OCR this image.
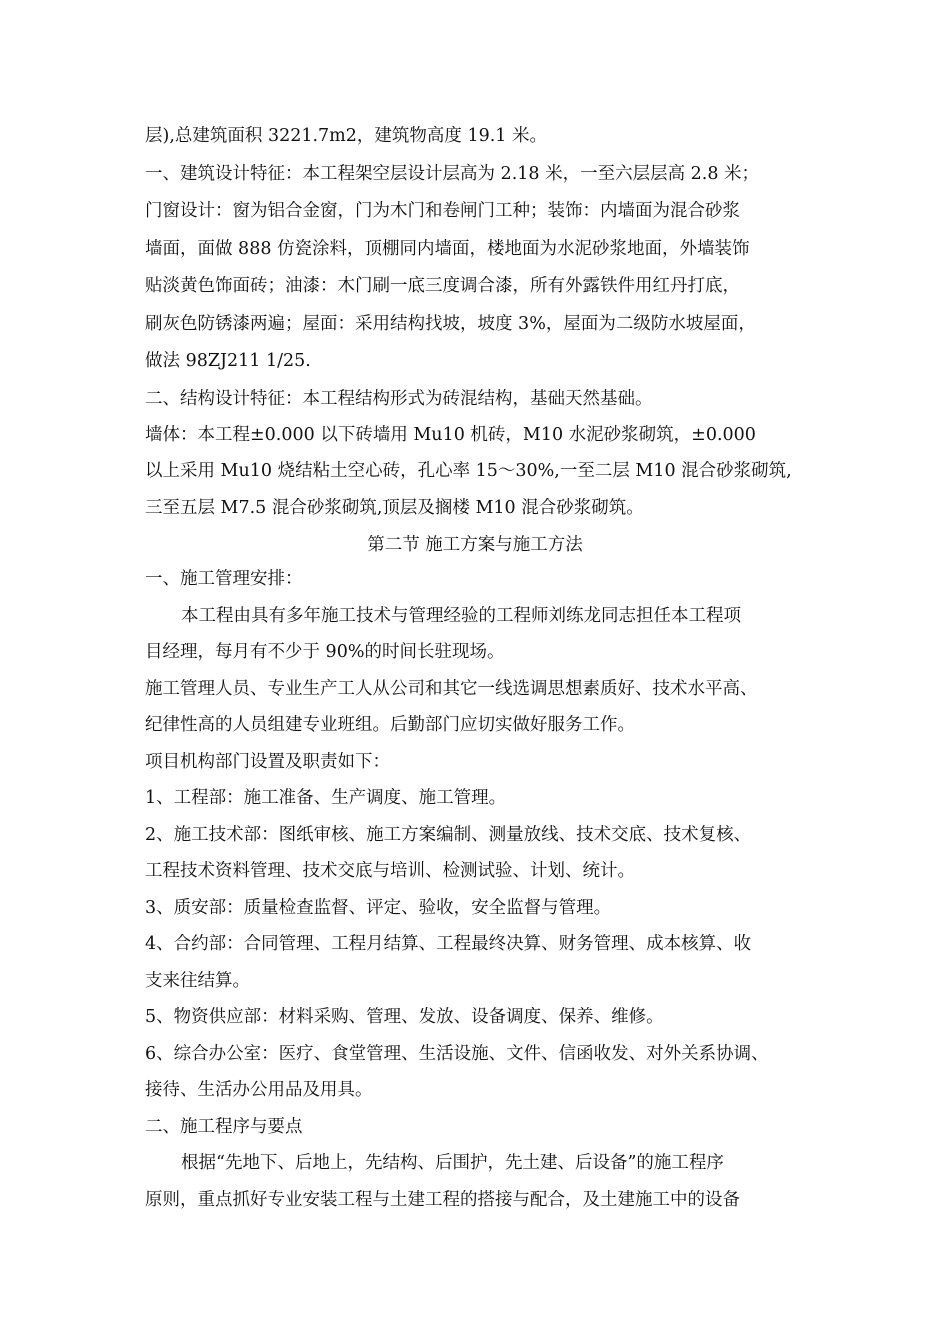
层),总建筑面积 3221.7m2，建筑物高度 19.1 米。
一、建筑设计特征：本工程架空层设计层高为 2.18 米，一至六层层高 2.8 米；
门窗设计：窗为铝合金窗，门为木门和卷闸门工种；装饰：内墙面为混合砂浆
墙面，面做 888 仿瓷涂料，顶棚同内墙面，楼地面为水泥砂浆地面，外墙装饰
贴淡黄色饰面砖；油漆：木门刷一底三度调合漆，所有外露铁件用红丹打底，
刷灰色防锈漆两遍；屋面：采用结构找坡，坡度 3%，屋面为二级防水坡屋面，
做法 98ZJ211 1/25.
二、结构设计特征：本工程结构形式为砖混结构，基础天然基础。
墙体：本工程±0.000 以下砖墙用 Mu10 机砖，M10 水泥砂浆砌筑，±0.000
以上采用 Mu10 烧结粘土空心砖，孔心率 15～30%,一至二层 M10 混合砂浆砌筑,
三至五层 M7.5 混合砂浆砌筑,顶层及搁楼 M10 混合砂浆砌筑。
第二节 施工方案与施工方法
一、施工管理安排：
本工程由具有多年施工技术与管理经验的工程师刘练龙同志担任本工程项
目经理，每月有不少于 90%的时间长驻现场。
施工管理人员、专业生产工人从公司和其它一线选调思想素质好、技术水平高、
纪律性高的人员组建专业班组。后勤部门应切实做好服务工作。
项目机构部门设置及职责如下：
1、工程部：施工准备、生产调度、施工管理。
2、施工技术部：图纸审核、施工方案编制、测量放线、技术交底、技术复核、
工程技术资料管理、技术交底与培训、检测试验、计划、统计。
3、质安部：质量检查监督、评定、验收，安全监督与管理。
4、合约部：合同管理、工程月结算、工程最终决算、财务管理、成本核算、收
支来往结算。
5、物资供应部：材料采购、管理、发放、设备调度、保养、维修。
6、综合办公室：医疗、食堂管理、生活设施、文件、信函收发、对外关系协调、
接待、生活办公用品及用具。
二、施工程序与要点
根据“先地下、后地上，先结构、后围护，先土建、后设备”的施工程序
原则，重点抓好专业安装工程与土建工程的搭接与配合，及土建施工中的设备
